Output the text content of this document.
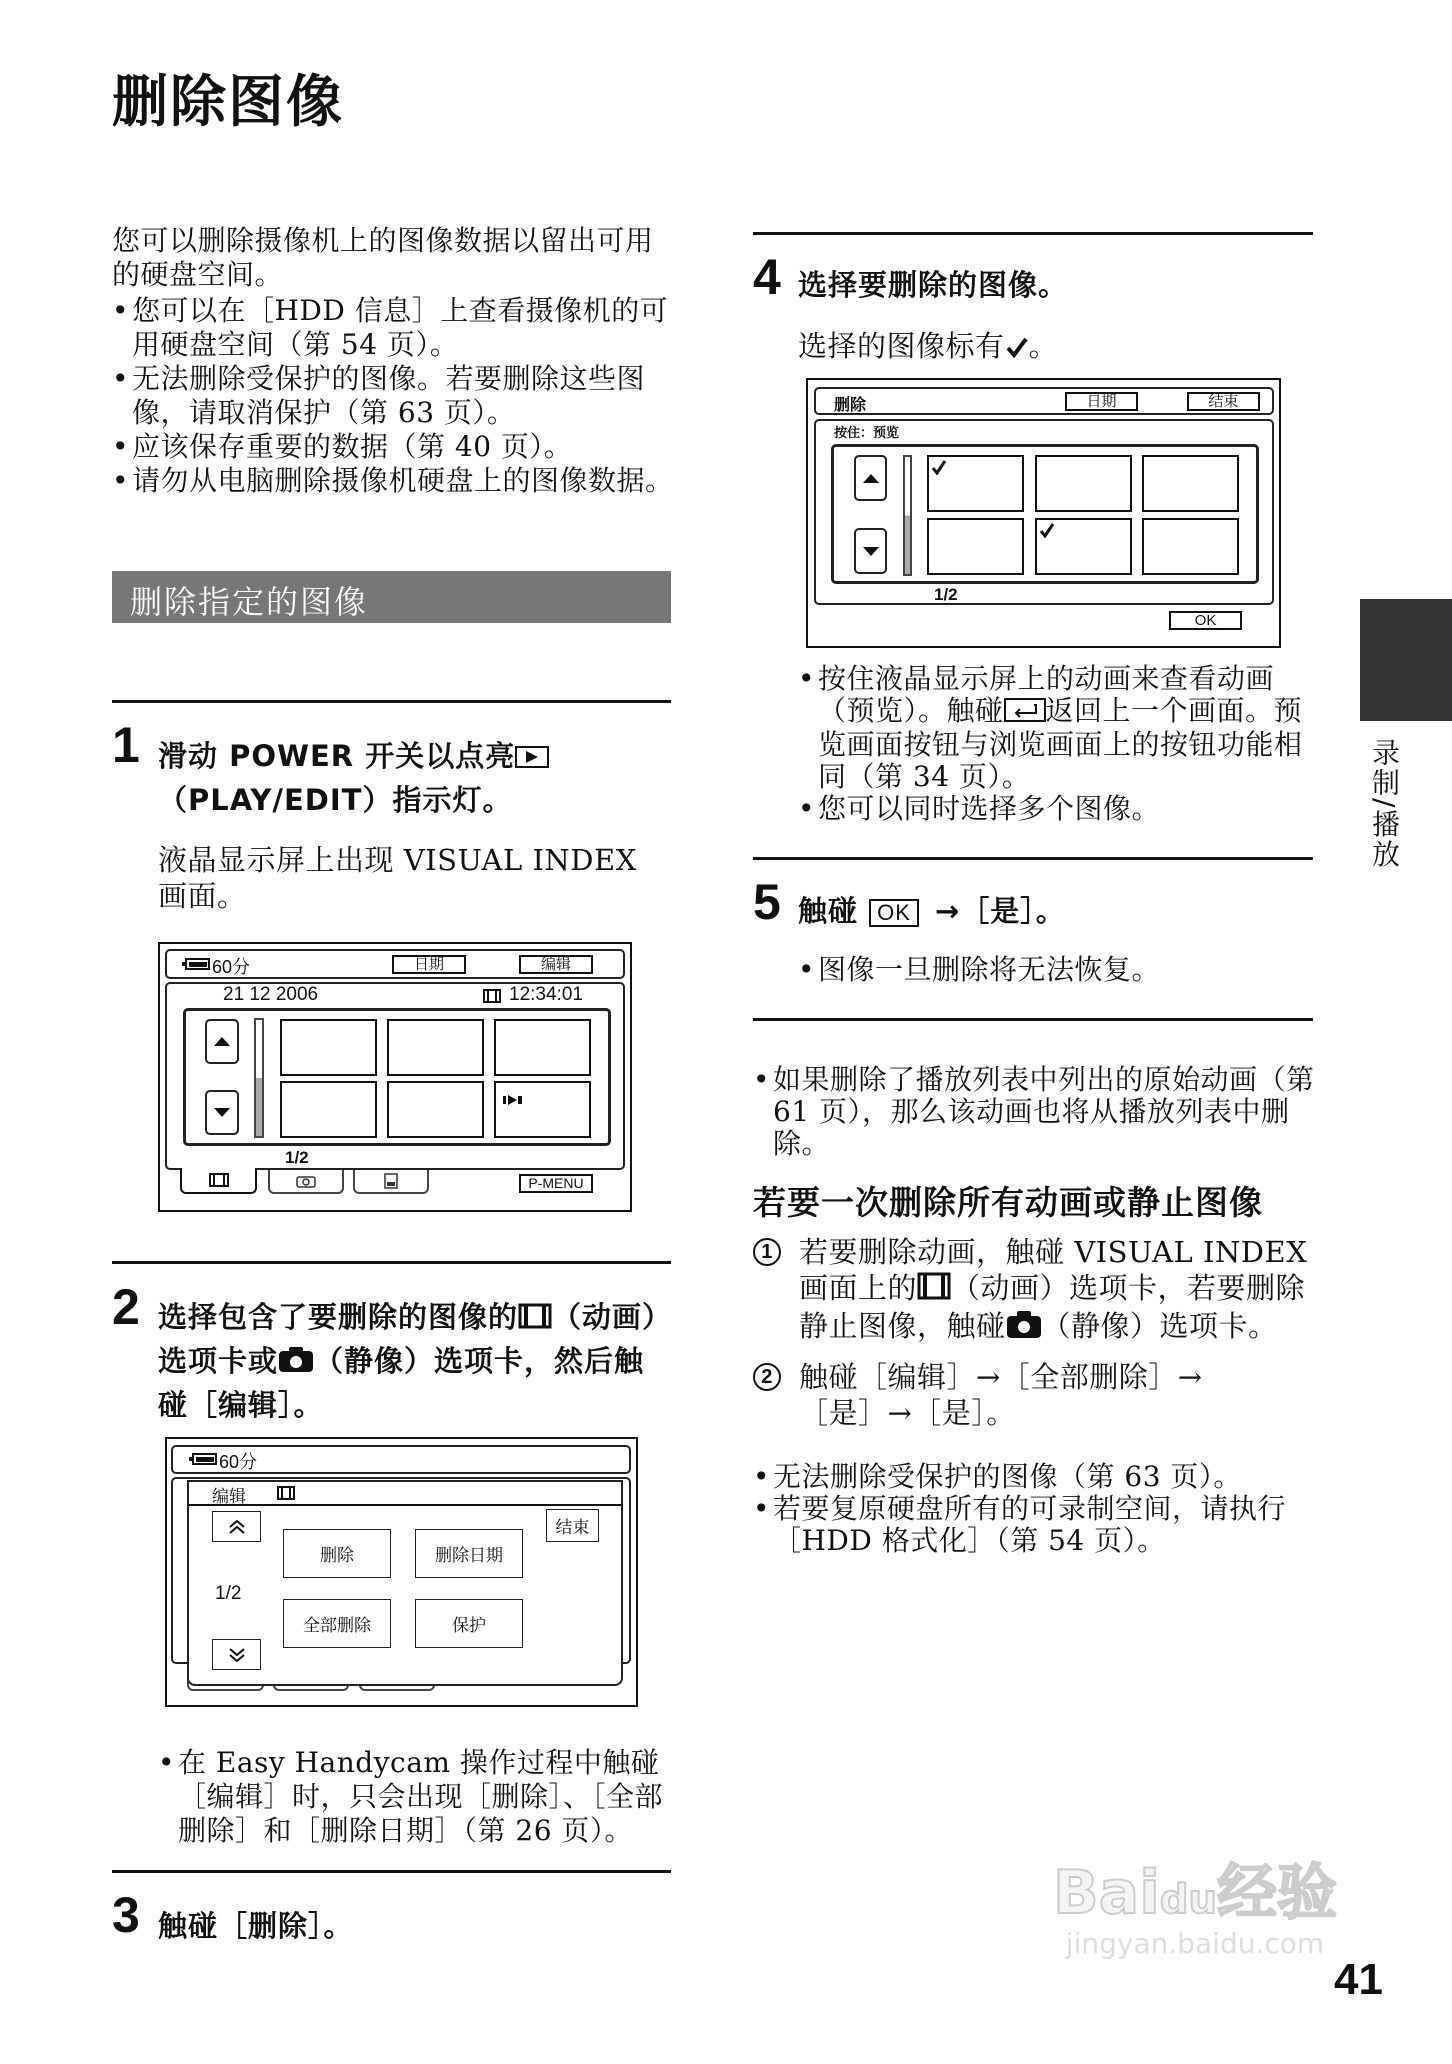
删除图像
您可以删除摄像机上的图像数据以留出可用的硬盘空间。
• 您可以在［HDD 信息］上查看摄像机的可用硬盘空间（第 54 页）。
• 无法删除受保护的图像。若要删除这些图像，请取消保护（第 63 页）。
• 应该保存重要的数据（第 40 页）。
• 请勿从电脑删除摄像机硬盘上的图像数据。
删除指定的图像
1 滑动 POWER 开关以点亮（PLAY/EDIT）指示灯。
液晶显示屏上出现 VISUAL INDEX 画面。
60分	日期	编辑
21 12 2006	12:34:01
1/2
P-MENU
2 选择包含了要删除的图像的 （动画）选项卡或 （静像）选项卡，然后触碰［编辑］。
60分
编辑
1/2
删除	删除日期
全部删除	保护
结束
• 在 Easy Handycam 操作过程中触碰［编辑］时，只会出现［删除］、［全部删除］和［删除日期］（第 26 页）。
3 触碰［删除］。
4 选择要删除的图像。
选择的图像标有 。
删除	日期	结束
按住：预览
1/2
OK
• 按住液晶显示屏上的动画来查看动画（预览）。触碰 返回上一个画面。预览画面按钮与浏览画面上的按钮功能相同（第 34 页）。
• 您可以同时选择多个图像。
5 触碰 OK →［是］。
• 图像一旦删除将无法恢复。
• 如果删除了播放列表中列出的原始动画（第 61 页），那么该动画也将从播放列表中删除。
若要一次删除所有动画或静止图像
1 若要删除动画，触碰 VISUAL INDEX 画面上的 （动画）选项卡，若要删除静止图像，触碰 （静像）选项卡。
2 触碰［编辑］→［全部删除］→［是］→［是］。
• 无法删除受保护的图像（第 63 页）。
• 若要复原硬盘所有的可录制空间，请执行［HDD 格式化］（第 54 页）。
录制/播放
Baidu经验
jingyan.baidu.com
41
